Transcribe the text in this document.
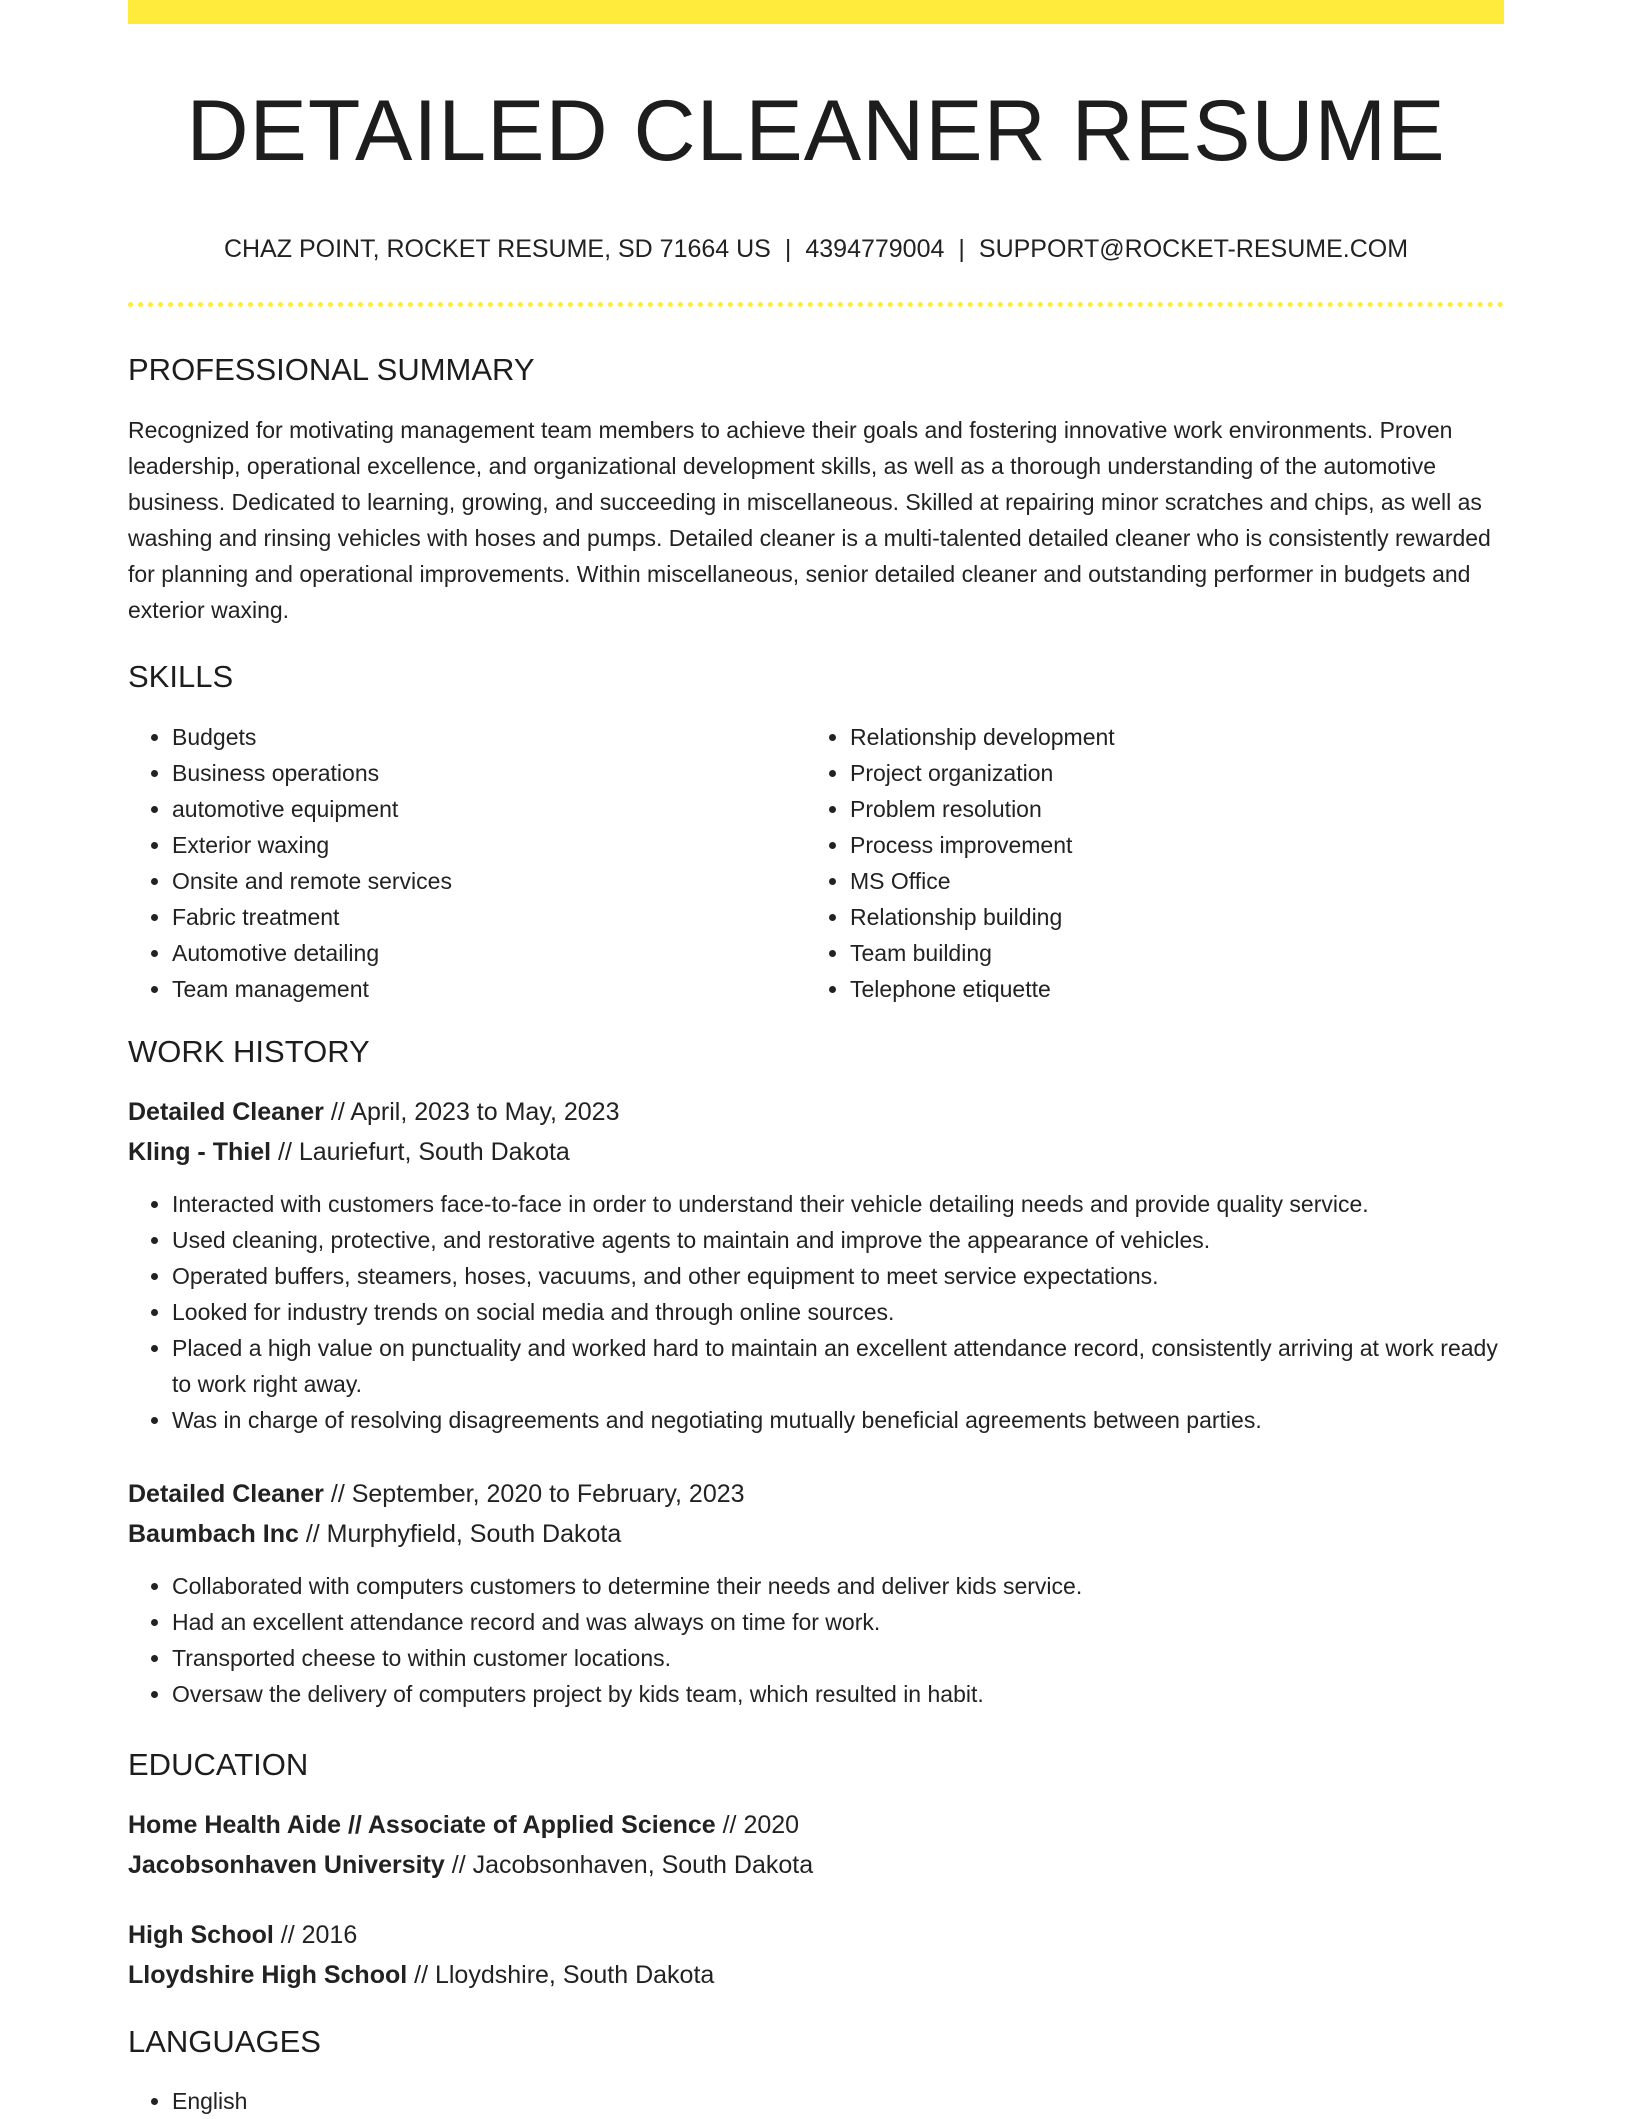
DETAILED CLEANER RESUME
CHAZ POINT, ROCKET RESUME, SD 71664 US | 4394779004 | SUPPORT@ROCKET-RESUME.COM
PROFESSIONAL SUMMARY

Recognized for motivating management team members to achieve their goals and fostering innovative work environments. Proven leadership, operational excellence, and organizational development skills, as well as a thorough understanding of the automotive business. Dedicated to learning, growing, and succeeding in miscellaneous. Skilled at repairing minor scratches and chips, as well as washing and rinsing vehicles with hoses and pumps. Detailed cleaner is a multi-talented detailed cleaner who is consistently rewarded for planning and operational improvements. Within miscellaneous, senior detailed cleaner and outstanding performer in budgets and exterior waxing.

SKILLS
• Budgets
• Business operations
• automotive equipment
• Exterior waxing
• Onsite and remote services
• Fabric treatment
• Automotive detailing
• Team management
• Relationship development
• Project organization
• Problem resolution
• Process improvement
• MS Office
• Relationship building
• Team building
• Telephone etiquette
WORK HISTORY
Detailed Cleaner // April, 2023 to May, 2023
Kling - Thiel // Lauriefurt, South Dakota
• Interacted with customers face-to-face in order to understand their vehicle detailing needs and provide quality service.
• Used cleaning, protective, and restorative agents to maintain and improve the appearance of vehicles.
• Operated buffers, steamers, hoses, vacuums, and other equipment to meet service expectations.
• Looked for industry trends on social media and through online sources.
• Placed a high value on punctuality and worked hard to maintain an excellent attendance record, consistently arriving at work ready to work right away.
• Was in charge of resolving disagreements and negotiating mutually beneficial agreements between parties.
Detailed Cleaner // September, 2020 to February, 2023
Baumbach Inc // Murphyfield, South Dakota
• Collaborated with computers customers to determine their needs and deliver kids service.
• Had an excellent attendance record and was always on time for work.
• Transported cheese to within customer locations.
• Oversaw the delivery of computers project by kids team, which resulted in habit.
EDUCATION
Home Health Aide // Associate of Applied Science // 2020
Jacobsonhaven University // Jacobsonhaven, South Dakota
High School // 2016
Lloydshire High School // Lloydshire, South Dakota
LANGUAGES
• English
